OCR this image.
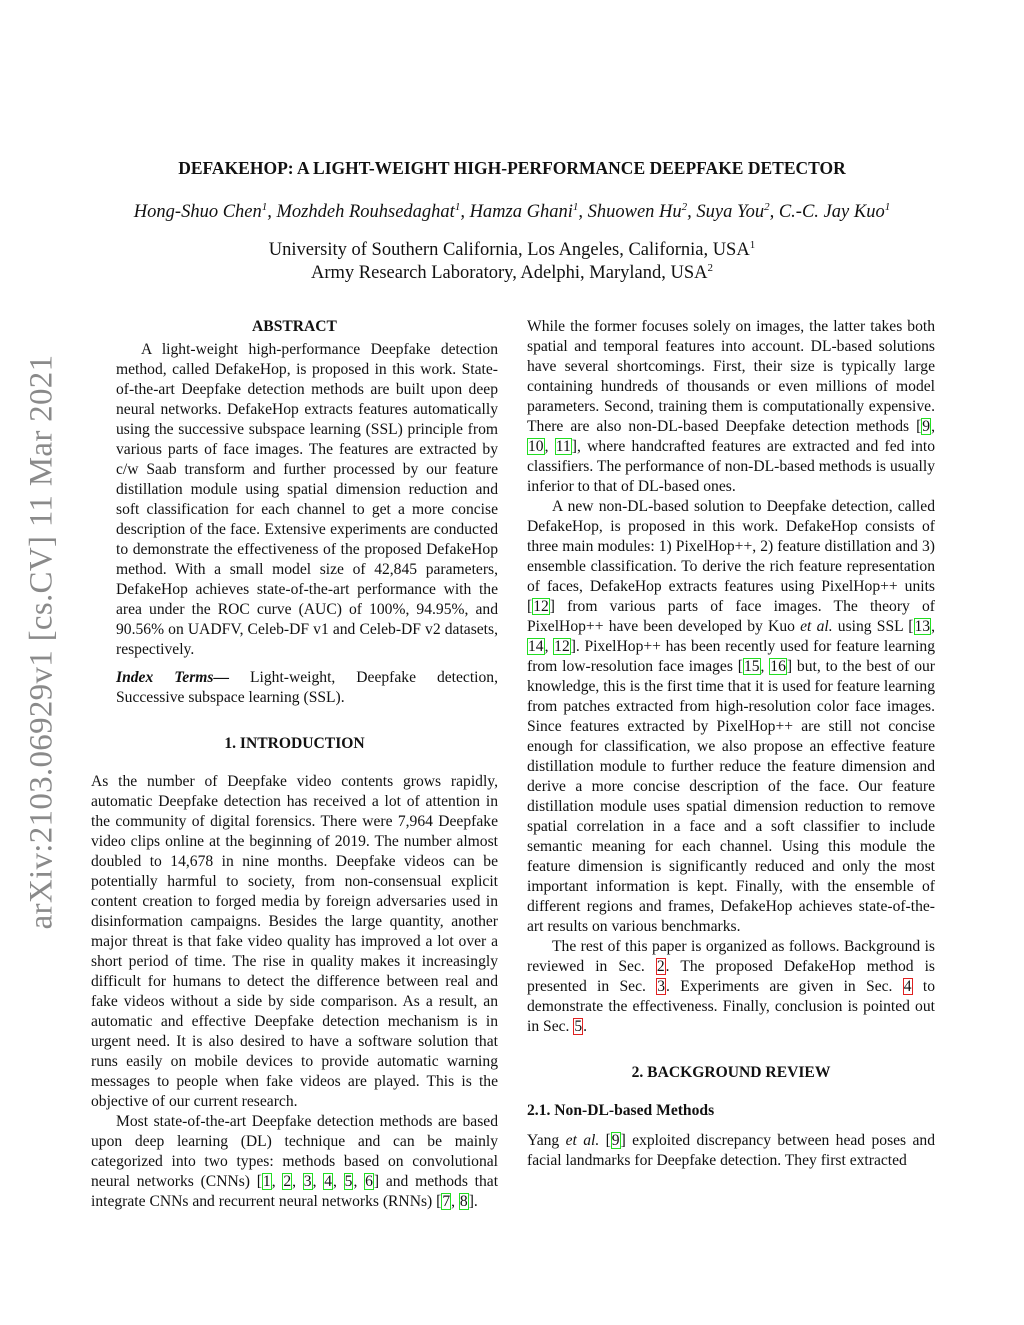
arXiv:2103.06929v1 [cs.CV] 11 Mar 2021
DEFAKEHOP: A LIGHT-WEIGHT HIGH-PERFORMANCE DEEPFAKE DETECTOR
Hong-Shuo Chen$^1$, Mozhdeh Rouhsedaghat$^1$, Hamza Ghani$^1$, Shuowen Hu$^2$, Suya You$^2$, C.-C. Jay Kuo$^1$
University of Southern California, Los Angeles, California, USA$^1$
Army Research Laboratory, Adelphi, Maryland, USA$^2$
ABSTRACT

A light-weight high-performance Deepfake detection method, called DefakeHop, is proposed in this work. State-of-the-art Deepfake detection methods are built upon deep neural networks. DefakeHop extracts features automatically using the successive subspace learning (SSL) principle from various parts of face images. The features are extracted by c/w Saab transform and further processed by our feature distillation module using spatial dimension reduction and soft classification for each channel to get a more concise description of the face. Extensive experiments are conducted to demonstrate the effectiveness of the proposed DefakeHop method. With a small model size of 42,845 parameters, DefakeHop achieves state-of-the-art performance with the area under the ROC curve (AUC) of 100%, 94.95%, and 90.56% on UADFV, Celeb-DF v1 and Celeb-DF v2 datasets, respectively.

Index Terms— Light-weight, Deepfake detection, Successive subspace learning (SSL).

1. INTRODUCTION

As the number of Deepfake video contents grows rapidly, automatic Deepfake detection has received a lot of attention in the community of digital forensics. There were 7,964 Deepfake video clips online at the beginning of 2019. The number almost doubled to 14,678 in nine months. Deepfake videos can be potentially harmful to society, from non-consensual explicit content creation to forged media by foreign adversaries used in disinformation campaigns. Besides the large quantity, another major threat is that fake video quality has improved a lot over a short period of time. The rise in quality makes it increasingly difficult for humans to detect the difference between real and fake videos without a side by side comparison. As a result, an automatic and effective Deepfake detection mechanism is in urgent need. It is also desired to have a software solution that runs easily on mobile devices to provide automatic warning messages to people when fake videos are played. This is the objective of our current research.

Most state-of-the-art Deepfake detection methods are based upon deep learning (DL) technique and can be mainly categorized into two types: methods based on convolutional neural networks (CNNs) [1, 2, 3, 4, 5, 6] and methods that integrate CNNs and recurrent neural networks (RNNs) [7, 8].

While the former focuses solely on images, the latter takes both spatial and temporal features into account. DL-based solutions have several shortcomings. First, their size is typically large containing hundreds of thousands or even millions of model parameters. Second, training them is computationally expensive. There are also non-DL-based Deepfake detection methods [9, 10, 11], where handcrafted features are extracted and fed into classifiers. The performance of non-DL-based methods is usually inferior to that of DL-based ones.

A new non-DL-based solution to Deepfake detection, called DefakeHop, is proposed in this work. DefakeHop consists of three main modules: 1) PixelHop++, 2) feature distillation and 3) ensemble classification. To derive the rich feature representation of faces, DefakeHop extracts features using PixelHop++ units [12] from various parts of face images. The theory of PixelHop++ have been developed by Kuo et al. using SSL [13, 14, 12]. PixelHop++ has been recently used for feature learning from low-resolution face images [15, 16] but, to the best of our knowledge, this is the first time that it is used for feature learning from patches extracted from high-resolution color face images. Since features extracted by PixelHop++ are still not concise enough for classification, we also propose an effective feature distillation module to further reduce the feature dimension and derive a more concise description of the face. Our feature distillation module uses spatial dimension reduction to remove spatial correlation in a face and a soft classifier to include semantic meaning for each channel. Using this module the feature dimension is significantly reduced and only the most important information is kept. Finally, with the ensemble of different regions and frames, DefakeHop achieves state-of-the-art results on various benchmarks.

The rest of this paper is organized as follows. Background is reviewed in Sec. 2. The proposed DefakeHop method is presented in Sec. 3. Experiments are given in Sec. 4 to demonstrate the effectiveness. Finally, conclusion is pointed out in Sec. 5.

2. BACKGROUND REVIEW
2.1. Non-DL-based Methods

Yang et al. [9] exploited discrepancy between head poses and facial landmarks for Deepfake detection. They first extracted
